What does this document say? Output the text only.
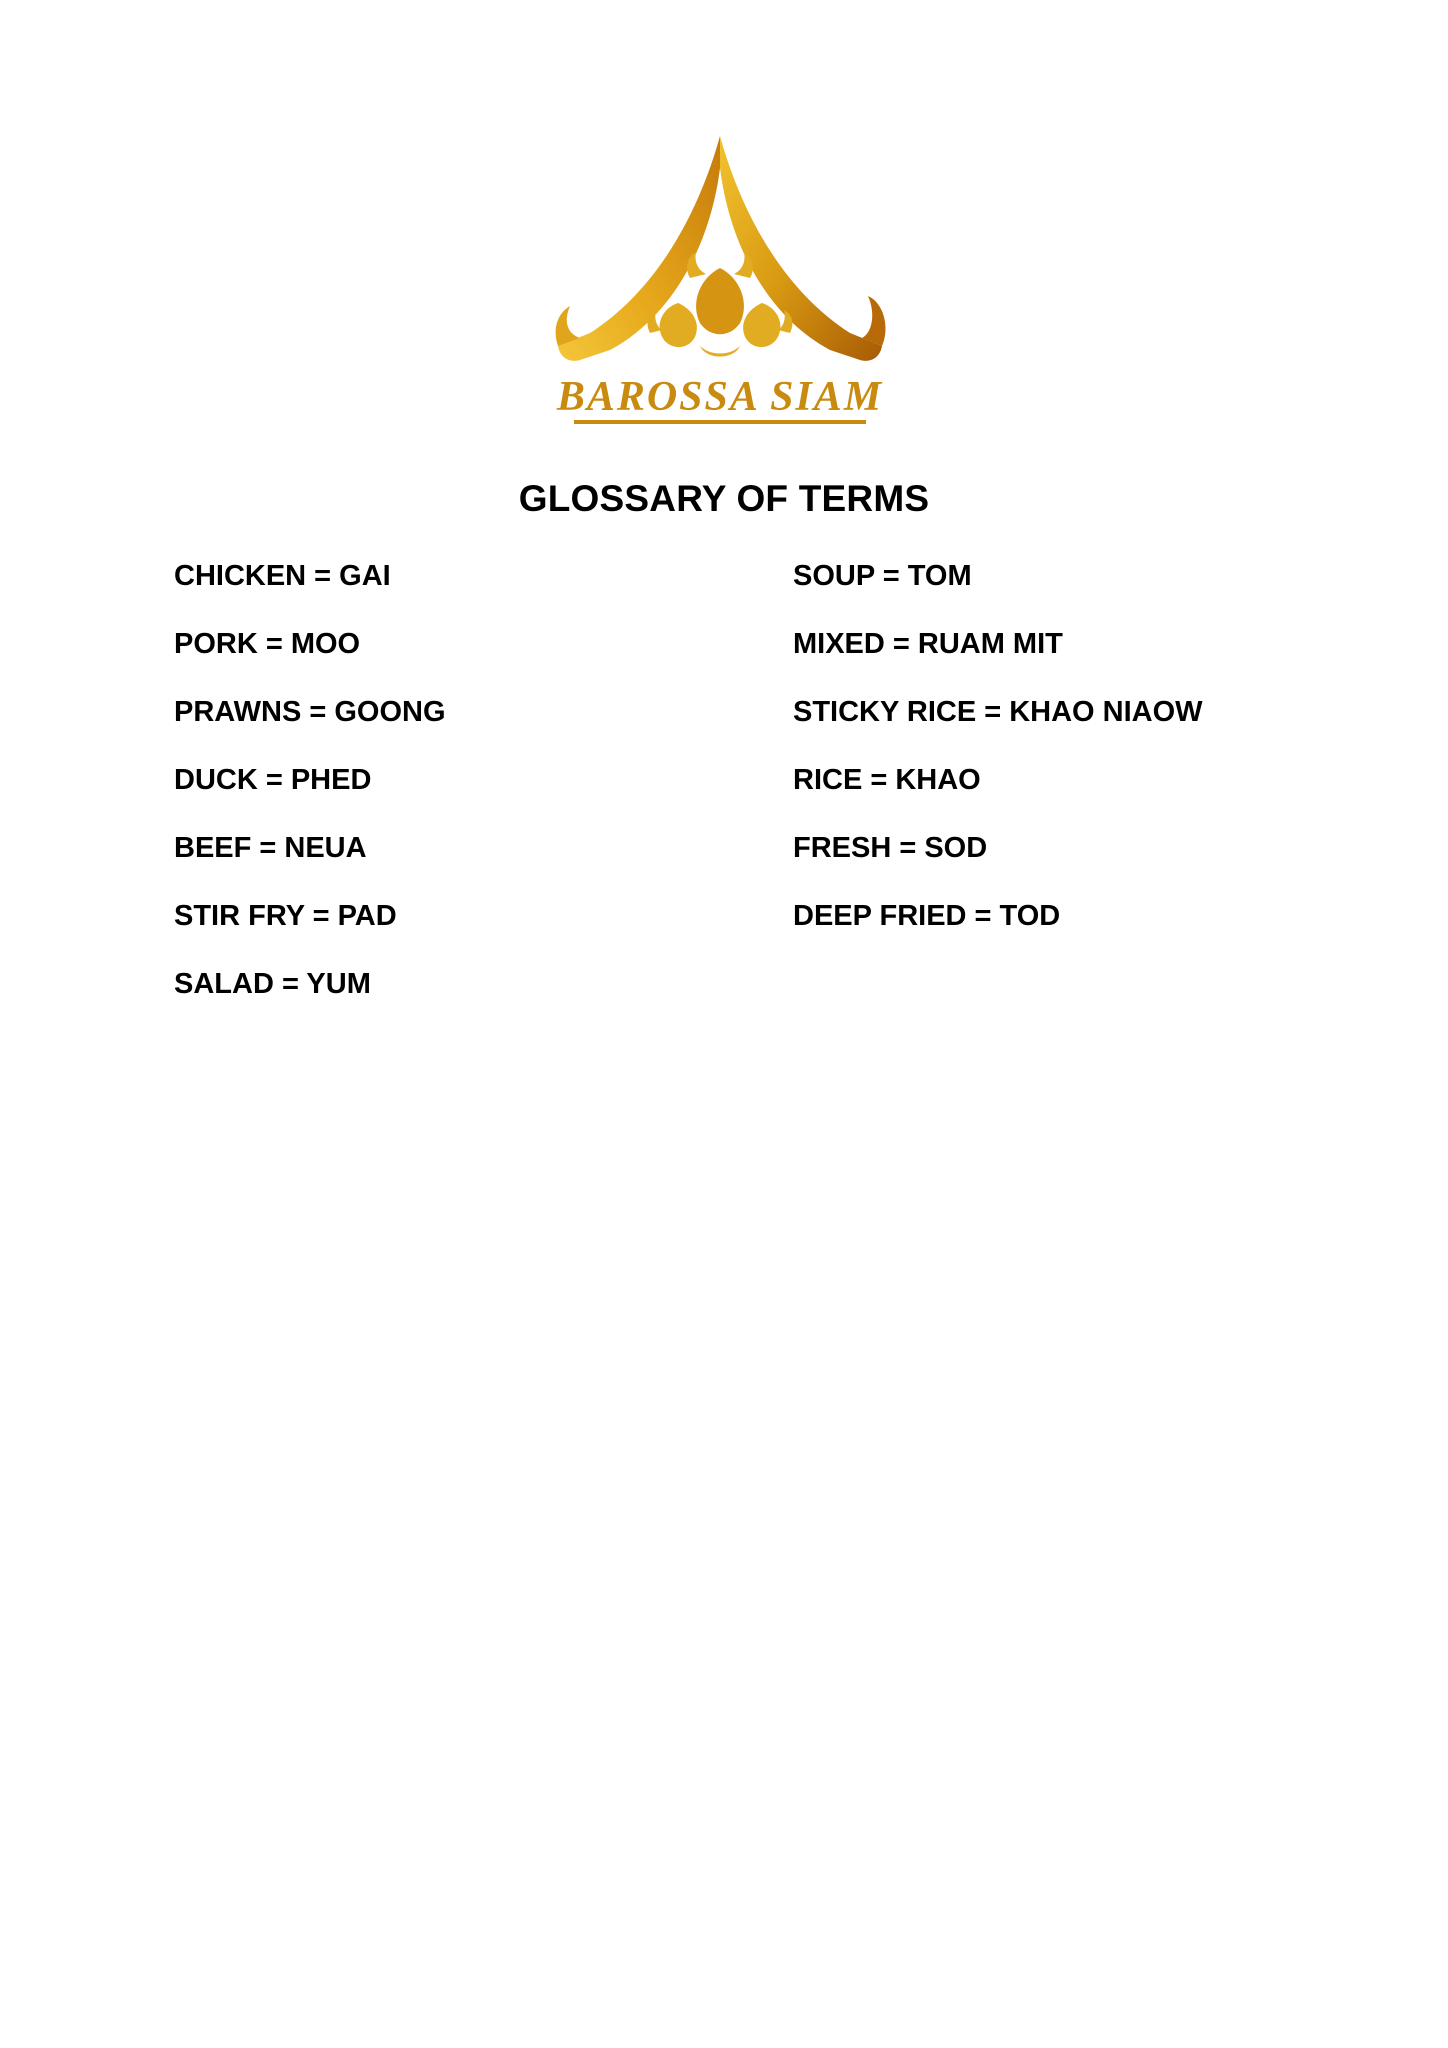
BAROSSA SIAM
GLOSSARY OF TERMS
CHICKEN = GAI
PORK = MOO
PRAWNS = GOONG
DUCK = PHED
BEEF = NEUA
STIR FRY = PAD
SALAD = YUM
SOUP = TOM
MIXED = RUAM MIT
STICKY RICE = KHAO NIAOW
RICE = KHAO
FRESH = SOD
DEEP FRIED = TOD
